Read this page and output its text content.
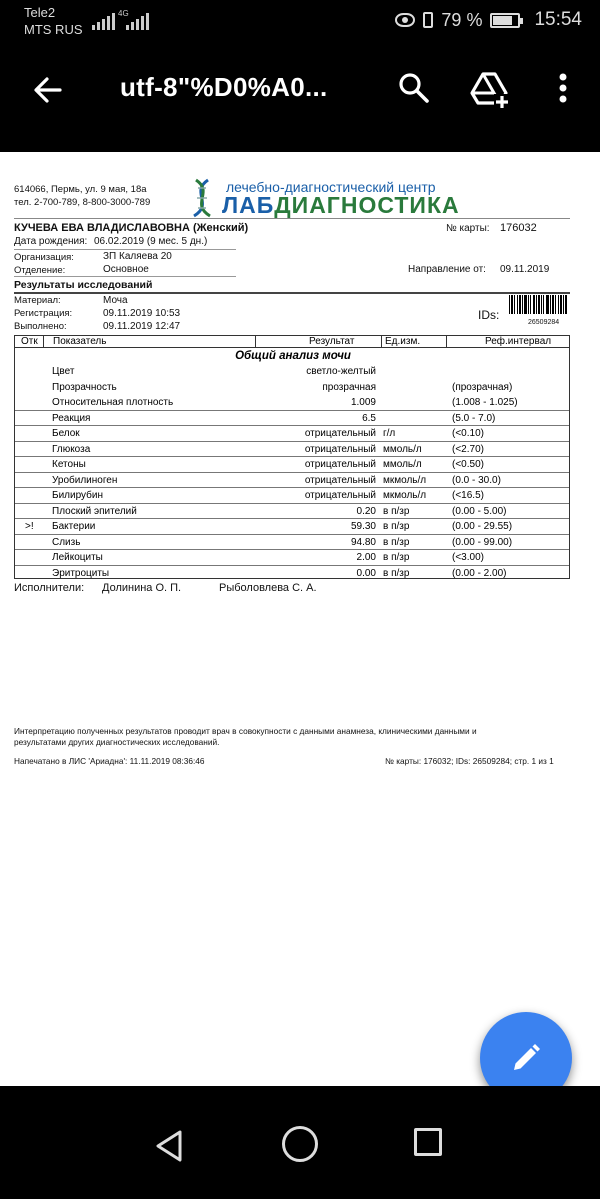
Tele2
MTS RUS
4G	79 %	15:54
utf-8"%D0%A0...
614066, Пермь, ул. 9 мая, 18а
тел. 2-700-789, 8-800-3000-789
лечебно-диагностический центр
ЛАБДИАГНОСТИКА
КУЧЕВА ЕВА ВЛАДИСЛАВОВНА (Женский)	№ карты: 176032
Дата рождения: 06.02.2019 (9 мес. 5 дн.)
Организация:	ЗП Каляева 20
Отделение:	Основное	Направление от: 09.11.2019
Результаты исследований
Материал:	Моча
Регистрация:	09.11.2019 10:53
Выполнено:	09.11.2019 12:47
IDs:
26509284
Отк Показатель	Результат	Ед.изм.	Реф.интервал
Общий анализ мочи
Цвет	светло-желтый
Прозрачность	прозрачная	(прозрачная)
Относительная плотность	1.009	(1.008 - 1.025)
Реакция	6.5	(5.0 - 7.0)
Белок	отрицательный г/л	(<0.10)
Глюкоза	отрицательный ммоль/л	(<2.70)
Кетоны	отрицательный ммоль/л	(<0.50)
Уробилиноген	отрицательный мкмоль/л	(0.0 - 30.0)
Билирубин	отрицательный мкмоль/л	(<16.5)
Плоский эпителий	0.20 в п/зр	(0.00 - 5.00)
>! Бактерии	59.30 в п/зр	(0.00 - 29.55)
Слизь	94.80 в п/зр	(0.00 - 99.00)
Лейкоциты	2.00 в п/зр	(<3.00)
Эритроциты	0.00 в п/зр	(0.00 - 2.00)
Исполнители: Долинина О. П.	Рыболовлева С. А.
Интерпретацию полученных результатов проводит врач в совокупности с данными анамнеза, клиническими данными и
результатами других диагностических исследований.
Напечатано в ЛИС 'Ариадна': 11.11.2019 08:36:46	№ карты: 176032; IDs: 26509284; стр. 1 из 1
